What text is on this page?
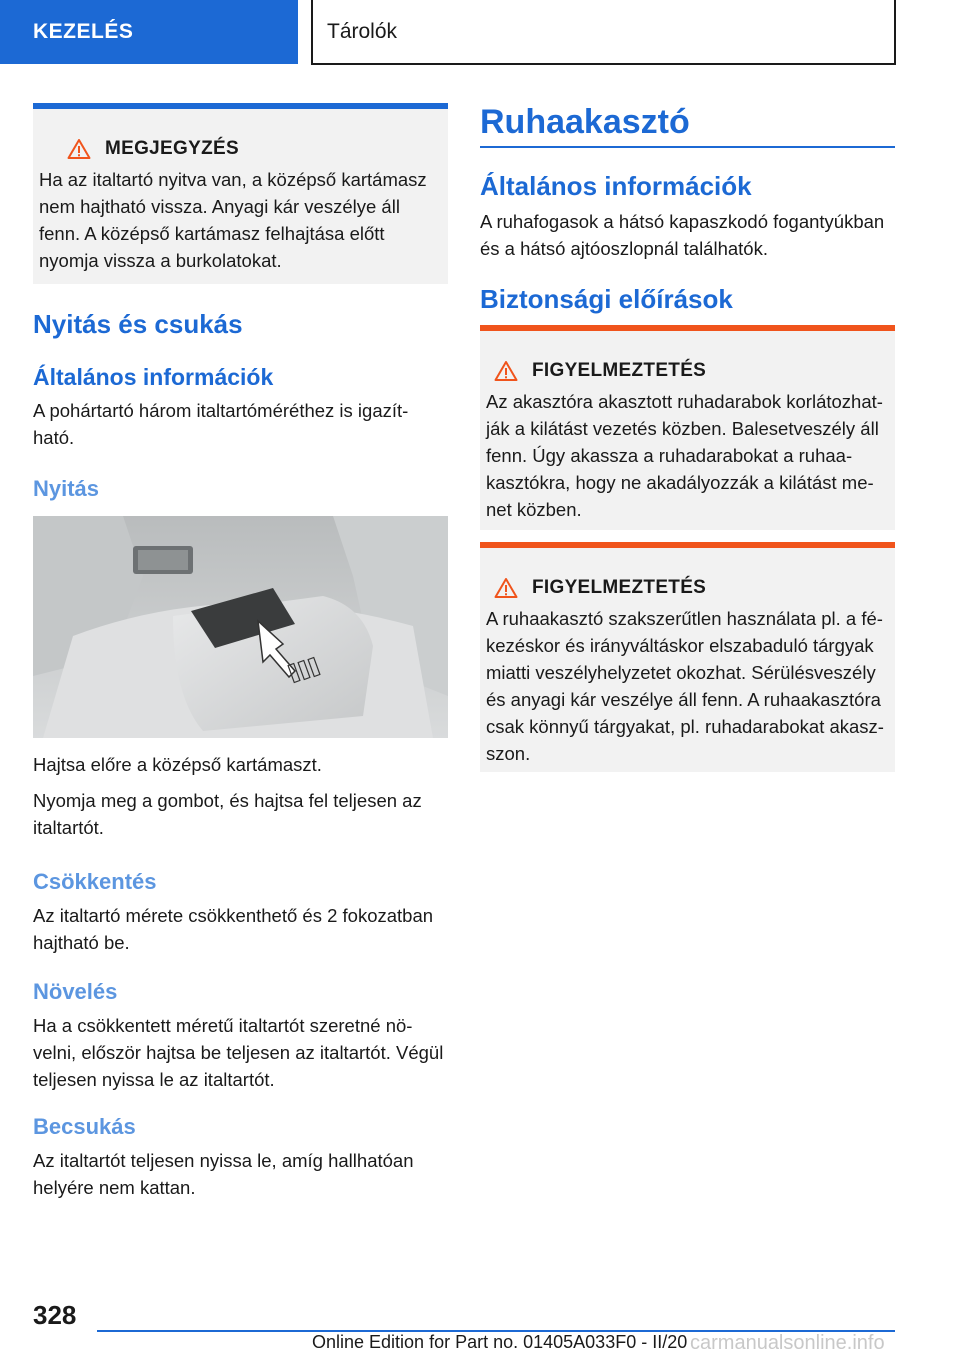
KEZELÉS	Tárolók
MEGJEGYZÉS
Ha az italtartó nyitva van, a középső kartámasz
nem hajtható vissza. Anyagi kár veszélye áll
fenn. A középső kartámasz felhajtása előtt
nyomja vissza a burkolatokat.
Nyitás és csukás
Általános információk
A pohártartó három italtartóméréthez is igazít-
ható.
Nyitás
Hajtsa előre a középső kartámaszt.
Nyomja meg a gombot, és hajtsa fel teljesen az
italtartót.
Csökkentés
Az italtartó mérete csökkenthető és 2 fokozatban
hajtható be.
Növelés
Ha a csökkentett méretű italtartót szeretné nö-
velni, először hajtsa be teljesen az italtartót. Végül
teljesen nyissa le az italtartót.
Becsukás
Az italtartót teljesen nyissa le, amíg hallhatóan
helyére nem kattan.
Ruhaakasztó
Általános információk
A ruhafogasok a hátsó kapaszkodó fogantyúkban
és a hátsó ajtóoszlopnál találhatók.
Biztonsági előírások
FIGYELMEZTETÉS
Az akasztóra akasztott ruhadarabok korlátozhat-
ják a kilátást vezetés közben. Balesetveszély áll
fenn. Úgy akassza a ruhadarabokat a ruhaa-
kasztókra, hogy ne akadályozzák a kilátást me-
net közben.
FIGYELMEZTETÉS
A ruhaakasztó szakszerűtlen használata pl. a fé-
kezéskor és irányváltáskor elszabaduló tárgyak
miatti veszélyhelyzetet okozhat. Sérülésveszély
és anyagi kár veszélye áll fenn. A ruhaakasztóra
csak könnyű tárgyakat, pl. ruhadarabokat akasz-
szon.
328
Online Edition for Part no. 01405A033F0 - II/20 carmanualsonline.info
